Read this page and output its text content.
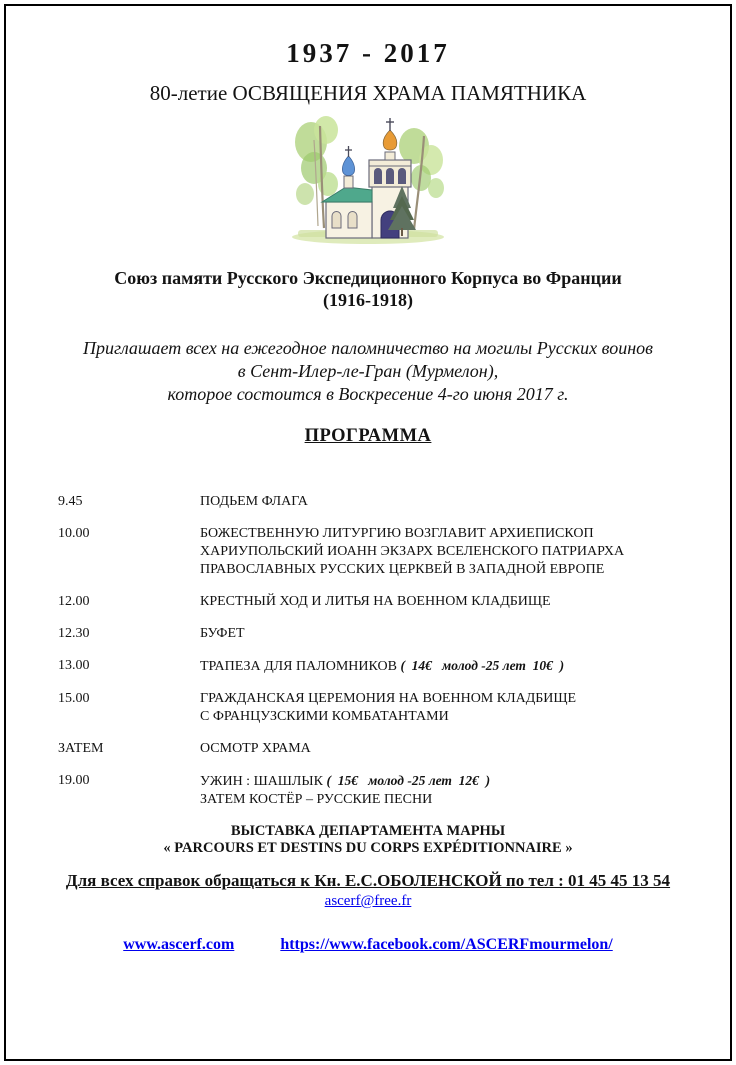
1937 - 2017
80-летие ОСВЯЩЕНИЯ ХРАМА ПАМЯТНИКА
Союз памяти Русского Экспедиционного Корпуса во Франции
(1916-1918)
Приглашает всех на ежегодное паломничество на могилы Русских воинов
в Сент-Илер-ле-Гран (Мурмелон),
которое состоится в Воскресение 4-го июня 2017 г.
ПРОГРАММА
9.45	ПОДЬЕМ ФЛАГА
10.00	БОЖЕСТВЕННУЮ ЛИТУРГИЮ ВОЗГЛАВИТ АРХИЕПИСКОП
ХАРИУПОЛЬСКИЙ ИОАНН ЭКЗАРХ ВСЕЛЕНСКОГО ПАТРИАРХА
ПРАВОСЛАВНЫХ РУССКИХ ЦЕРКВЕЙ В ЗАПАДНОЙ ЕВРОПЕ
12.00	КРЕСТНЫЙ ХОД И ЛИТЬЯ НА ВОЕННОМ КЛАДБИЩЕ
12.30	БУФЕТ
13.00	ТРАПЕЗА ДЛЯ ПАЛОМНИКОВ (  14€   молод -25 лет  10€  )
15.00	ГРАЖДАНСКАЯ ЦЕРЕМОНИЯ НА ВОЕННОМ КЛАДБИЩЕ
С ФРАНЦУЗСКИМИ КОМБАТАНТАМИ
ЗАТЕМ	ОСМОТР ХРАМА
19.00	УЖИН : ШАШЛЫК (  15€   молод -25 лет  12€  )
ЗАТЕМ КОСТЁР – РУССКИЕ ПЕСНИ
ВЫСТАВКА ДЕПАРТАМЕНТА МАРНЫ
« PARCOURS ET DESTINS DU CORPS EXPÉDITIONNAIRE »
Для всех справок обращаться к Кн. Е.С.ОБОЛЕНСКОЙ по тел : 01 45 45 13 54
ascerf@free.fr
www.ascerf.com	https://www.facebook.com/ASCERFmourmelon/
